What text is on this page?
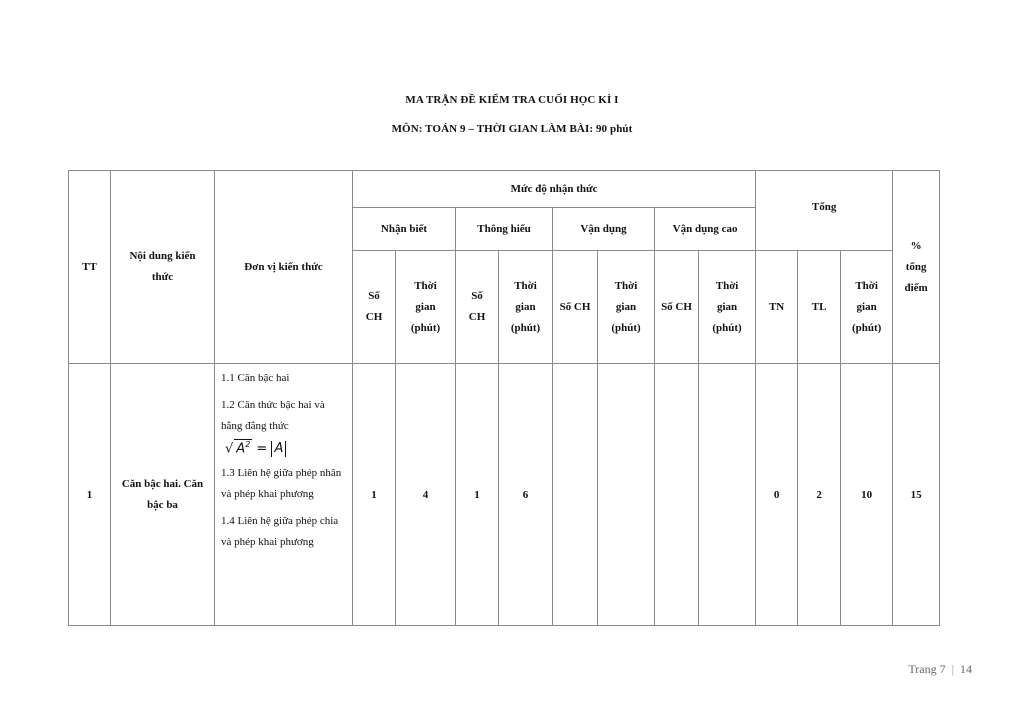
MA TRẬN ĐỀ KIỂM TRA CUỐI HỌC KÌ I
MÔN: TOÁN 9 – THỜI GIAN LÀM BÀI: 90 phút
TT	Nội dung kiến thức	Đơn vị kiến thức	Mức độ nhận thức								Tổng			% tổng điểm
			Nhận biết		Thông hiểu		Vận dụng		Vận dụng cao					
			Số CH	Thời gian (phút)	Số CH	Thời gian (phút)	Số CH	Thời gian (phút)	Số CH	Thời gian (phút)	TN	TL	Thời gian (phút)	
1	Căn bậc hai. Căn bậc ba	1.1 Căn bậc hai
1.2 Căn thức bậc hai và hằng đẳng thức
√ $A^2 = A$
1.3 Liên hệ giữa phép nhân và phép khai phương
1.4 Liên hệ giữa phép chia và phép khai phương	1	4	1	6					0	2	10	15
Trang 7 | 14
